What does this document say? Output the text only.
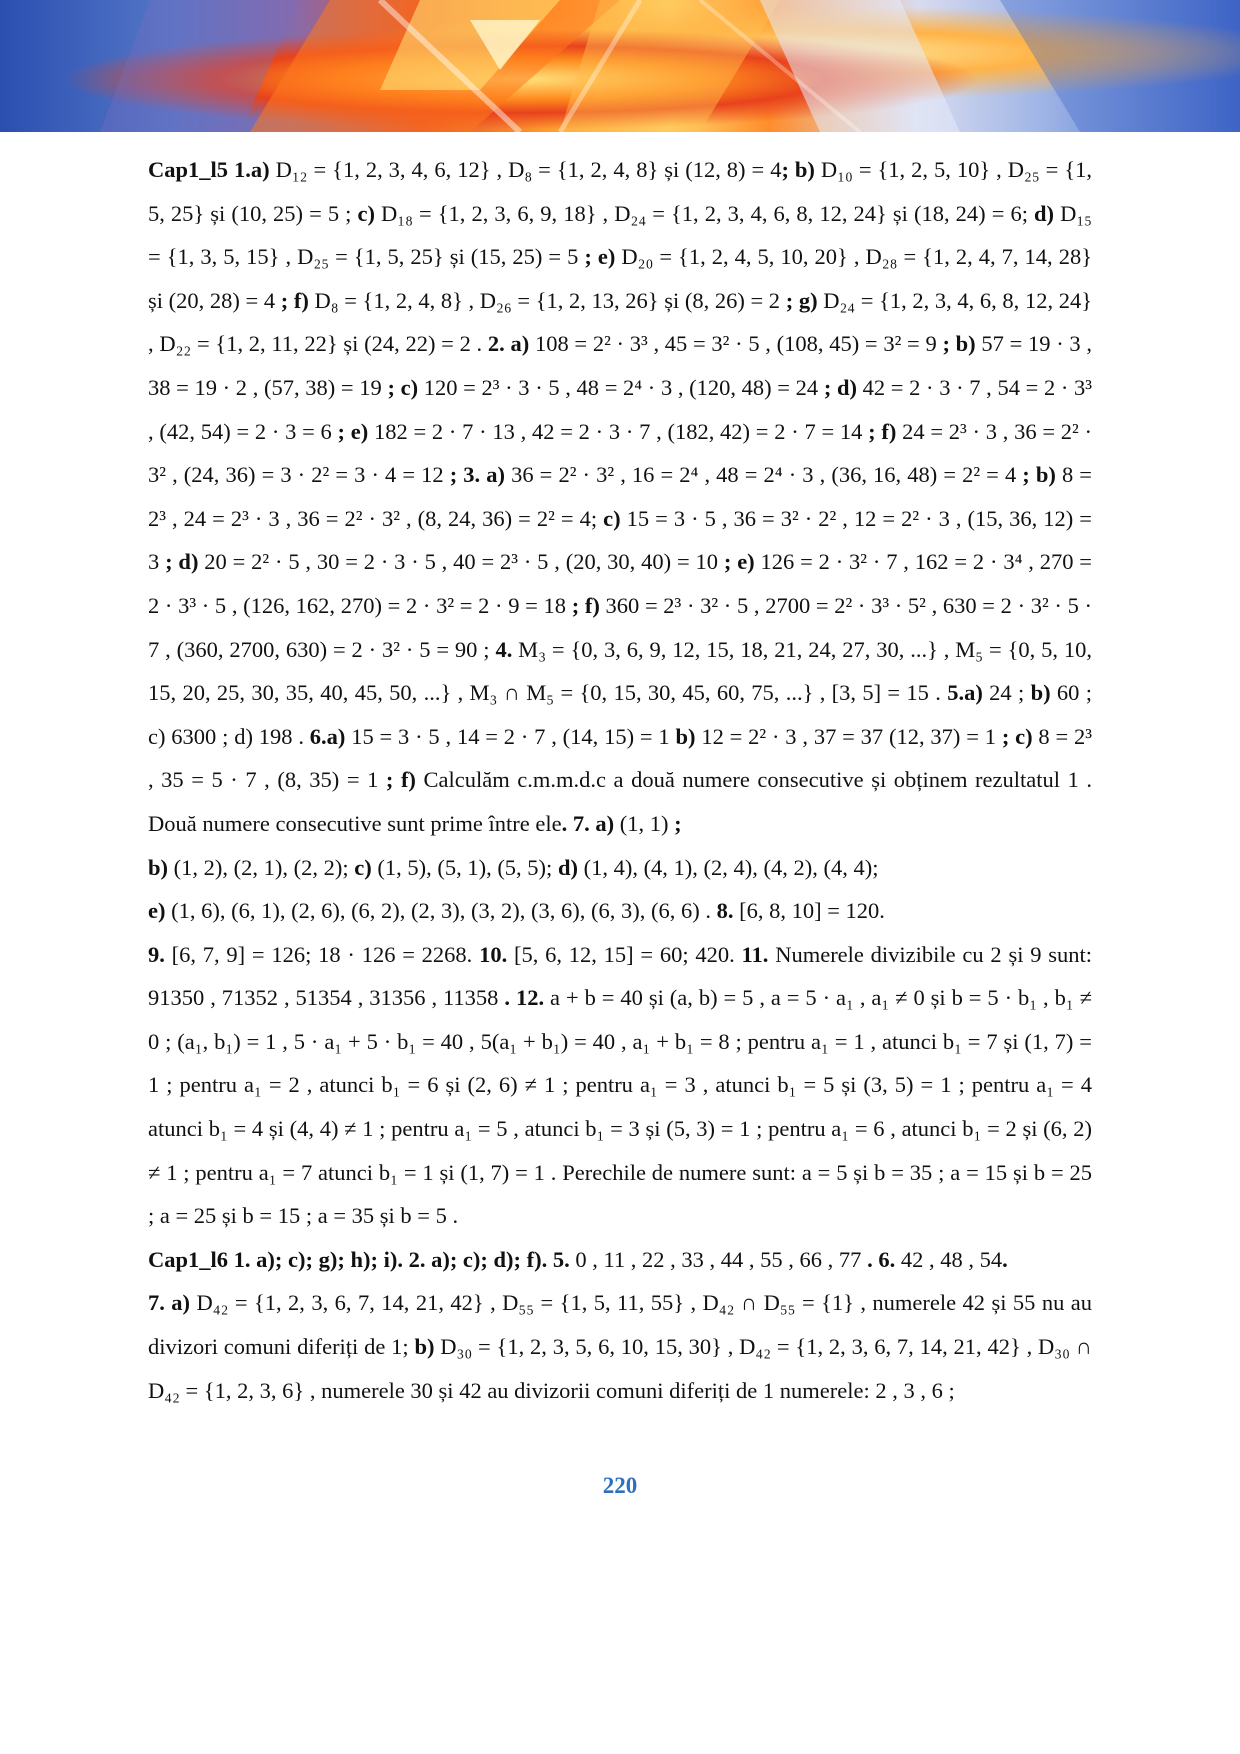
Cap1_l5 1.a) D₁₂ = {1, 2, 3, 4, 6, 12} , D₈ = {1, 2, 4, 8} și (12, 8) = 4; b) D₁₀ = {1, 2, 5, 10} , D₂₅ = {1, 5, 25} și (10, 25) = 5 ; c) D₁₈ = {1, 2, 3, 6, 9, 18} , D₂₄ = {1, 2, 3, 4, 6, 8, 12, 24} și (18, 24) = 6; d) D₁₅ = {1, 3, 5, 15} , D₂₅ = {1, 5, 25} și (15, 25) = 5 ; e) D₂₀ = {1, 2, 4, 5, 10, 20} , D₂₈ = {1, 2, 4, 7, 14, 28} și (20, 28) = 4 ; f) D₈ = {1, 2, 4, 8} , D₂₆ = {1, 2, 13, 26} și (8, 26) = 2 ; g) D₂₄ = {1, 2, 3, 4, 6, 8, 12, 24} , D₂₂ = {1, 2, 11, 22} și (24, 22) = 2 . 2. a) 108 = 2² · 3³ , 45 = 3² · 5 , (108, 45) = 3² = 9 ; b) 57 = 19 · 3 , 38 = 19 · 2 , (57, 38) = 19 ; c) 120 = 2³ · 3 · 5 , 48 = 2⁴ · 3 , (120, 48) = 24 ; d) 42 = 2 · 3 · 7 , 54 = 2 · 3³ , (42, 54) = 2 · 3 = 6 ; e) 182 = 2 · 7 · 13 , 42 = 2 · 3 · 7 , (182, 42) = 2 · 7 = 14 ; f) 24 = 2³ · 3 , 36 = 2² · 3² , (24, 36) = 3 · 2² = 3 · 4 = 12 ; 3. a) 36 = 2² · 3² , 16 = 2⁴ , 48 = 2⁴ · 3 , (36, 16, 48) = 2² = 4 ; b) 8 = 2³ , 24 = 2³ · 3 , 36 = 2² · 3² , (8, 24, 36) = 2² = 4; c) 15 = 3 · 5 , 36 = 3² · 2² , 12 = 2² · 3 , (15, 36, 12) = 3 ; d) 20 = 2² · 5 , 30 = 2 · 3 · 5 , 40 = 2³ · 5 , (20, 30, 40) = 10 ; e) 126 = 2 · 3² · 7 , 162 = 2 · 3⁴ , 270 = 2 · 3³ · 5 , (126, 162, 270) = 2 · 3² = 2 · 9 = 18 ; f) 360 = 2³ · 3² · 5 , 2700 = 2² · 3³ · 5² , 630 = 2 · 3² · 5 · 7 , (360, 2700, 630) = 2 · 3² · 5 = 90 ; 4. M₃ = {0, 3, 6, 9, 12, 15, 18, 21, 24, 27, 30, ...} , M₅ = {0, 5, 10, 15, 20, 25, 30, 35, 40, 45, 50, ...} , M₃ ∩ M₅ = {0, 15, 30, 45, 60, 75, ...} , [3, 5] = 15 . 5.a) 24 ; b) 60 ; c) 6300 ; d) 198 . 6.a) 15 = 3 · 5 , 14 = 2 · 7 , (14, 15) = 1 b) 12 = 2² · 3 , 37 = 37 (12, 37) = 1 ; c) 8 = 2³ , 35 = 5 · 7 , (8, 35) = 1 ; f) Calculăm c.m.m.d.c a două numere consecutive și obținem rezultatul 1 . Două numere consecutive sunt prime între ele. 7. a) (1, 1) ;

b) (1, 2), (2, 1), (2, 2); c) (1, 5), (5, 1), (5, 5); d) (1, 4), (4, 1), (2, 4), (4, 2), (4, 4);

e) (1, 6), (6, 1), (2, 6), (6, 2), (2, 3), (3, 2), (3, 6), (6, 3), (6, 6) . 8. [6, 8, 10] = 120.

9. [6, 7, 9] = 126; 18 · 126 = 2268. 10. [5, 6, 12, 15] = 60; 420. 11. Numerele divizibile cu 2 și 9 sunt: 91350 , 71352 , 51354 , 31356 , 11358 . 12. a + b = 40 și (a, b) = 5 , a = 5 · a₁ , a₁ ≠ 0 și b = 5 · b₁ , b₁ ≠ 0 ; (a₁, b₁) = 1 , 5 · a₁ + 5 · b₁ = 40 , 5(a₁ + b₁) = 40 , a₁ + b₁ = 8 ; pentru a₁ = 1 , atunci b₁ = 7 și (1, 7) = 1 ; pentru a₁ = 2 , atunci b₁ = 6 și (2, 6) ≠ 1 ; pentru a₁ = 3 , atunci b₁ = 5 și (3, 5) = 1 ; pentru a₁ = 4 atunci b₁ = 4 și (4, 4) ≠ 1 ; pentru a₁ = 5 , atunci b₁ = 3 și (5, 3) = 1 ; pentru a₁ = 6 , atunci b₁ = 2 și (6, 2) ≠ 1 ; pentru a₁ = 7 atunci b₁ = 1 și (1, 7) = 1 . Perechile de numere sunt: a = 5 și b = 35 ; a = 15 și b = 25 ; a = 25 și b = 15 ; a = 35 și b = 5 .

Cap1_l6 1. a); c); g); h); i). 2. a); c); d); f). 5. 0 , 11 , 22 , 33 , 44 , 55 , 66 , 77 . 6. 42 , 48 , 54.

7. a) D₄₂ = {1, 2, 3, 6, 7, 14, 21, 42} , D₅₅ = {1, 5, 11, 55} , D₄₂ ∩ D₅₅ = {1} , numerele 42 și 55 nu au divizori comuni diferiți de 1; b) D₃₀ = {1, 2, 3, 5, 6, 10, 15, 30} , D₄₂ = {1, 2, 3, 6, 7, 14, 21, 42} , D₃₀ ∩ D₄₂ = {1, 2, 3, 6} , numerele 30 și 42 au divizorii comuni diferiți de 1 numerele: 2 , 3 , 6 ;

220
